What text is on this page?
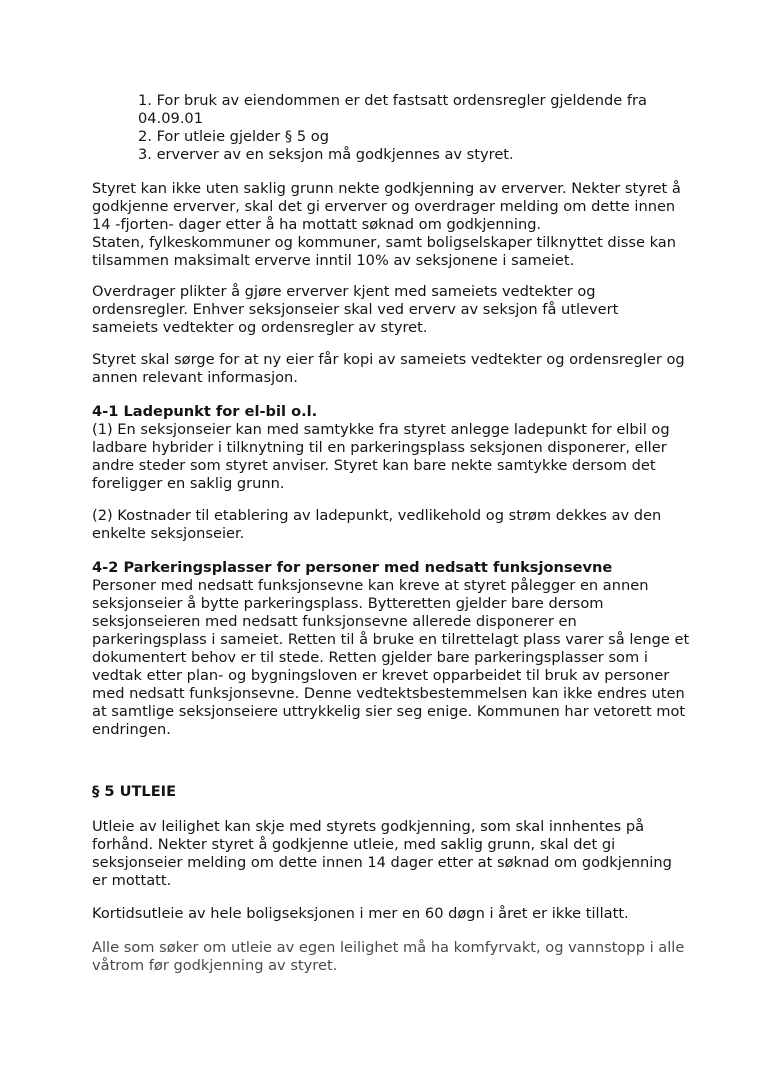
1. For bruk av eiendommen er det fastsatt ordensregler gjeldende fra
04.09.01
2. For utleie gjelder § 5 og
3. erverver av en seksjon må godkjennes av styret.
Styret kan ikke uten saklig grunn nekte godkjenning av erverver. Nekter styret å
godkjenne erverver, skal det gi erverver og overdrager melding om dette innen
14 -fjorten- dager etter å ha mottatt søknad om godkjenning.
Staten, fylkeskommuner og kommuner, samt boligselskaper tilknyttet disse kan
tilsammen maksimalt erverve inntil 10% av seksjonene i sameiet.
Overdrager plikter å gjøre erverver kjent med sameiets vedtekter og
ordensregler. Enhver seksjonseier skal ved erverv av seksjon få utlevert
sameiets vedtekter og ordensregler av styret.
Styret skal sørge for at ny eier får kopi av sameiets vedtekter og ordensregler og
annen relevant informasjon.
4-1 Ladepunkt for el-bil o.l.
(1) En seksjonseier kan med samtykke fra styret anlegge ladepunkt for elbil og
ladbare hybrider i tilknytning til en parkeringsplass seksjonen disponerer, eller
andre steder som styret anviser. Styret kan bare nekte samtykke dersom det
foreligger en saklig grunn.
(2) Kostnader til etablering av ladepunkt, vedlikehold og strøm dekkes av den
enkelte seksjonseier.
4-2 Parkeringsplasser for personer med nedsatt funksjonsevne
Personer med nedsatt funksjonsevne kan kreve at styret pålegger en annen
seksjonseier å bytte parkeringsplass. Bytteretten gjelder bare dersom
seksjonseieren med nedsatt funksjonsevne allerede disponerer en
parkeringsplass i sameiet. Retten til å bruke en tilrettelagt plass varer så lenge et
dokumentert behov er til stede. Retten gjelder bare parkeringsplasser som i
vedtak etter plan- og bygningsloven er krevet opparbeidet til bruk av personer
med nedsatt funksjonsevne. Denne vedtektsbestemmelsen kan ikke endres uten
at samtlige seksjonseiere uttrykkelig sier seg enige. Kommunen har vetorett mot
endringen.
§ 5 UTLEIE
Utleie av leilighet kan skje med styrets godkjenning, som skal innhentes på
forhånd. Nekter styret å godkjenne utleie, med saklig grunn, skal det gi
seksjonseier melding om dette innen 14 dager etter at søknad om godkjenning
er mottatt.
Kortidsutleie av hele boligseksjonen i mer en 60 døgn i året er ikke tillatt.
Alle som søker om utleie av egen leilighet må ha komfyrvakt, og vannstopp i alle
våtrom før godkjenning av styret.
